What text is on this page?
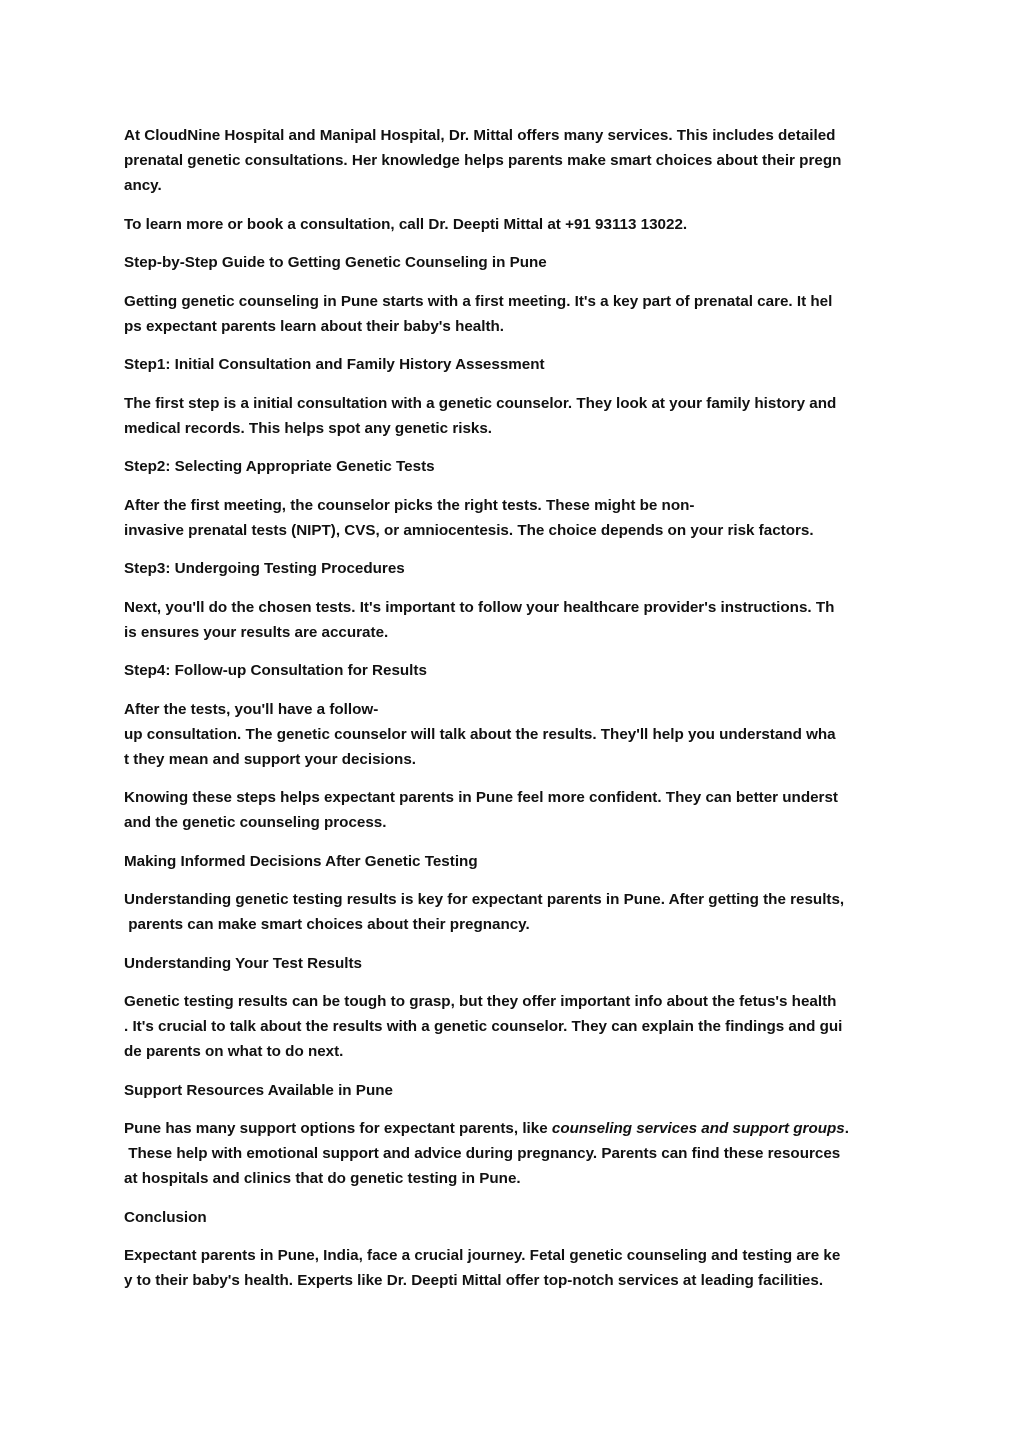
At CloudNine Hospital and Manipal Hospital, Dr. Mittal offers many services. This includes detailed
prenatal genetic consultations. Her knowledge helps parents make smart choices about their pregn
ancy.
To learn more or book a consultation, call Dr. Deepti Mittal at +91 93113 13022.
Step-by-Step Guide to Getting Genetic Counseling in Pune
Getting genetic counseling in Pune starts with a first meeting. It's a key part of prenatal care. It hel
ps expectant parents learn about their baby's health.
Step1: Initial Consultation and Family History Assessment
The first step is a initial consultation with a genetic counselor. They look at your family history and
medical records. This helps spot any genetic risks.
Step2: Selecting Appropriate Genetic Tests
After the first meeting, the counselor picks the right tests. These might be non-
invasive prenatal tests (NIPT), CVS, or amniocentesis. The choice depends on your risk factors.
Step3: Undergoing Testing Procedures
Next, you'll do the chosen tests. It's important to follow your healthcare provider's instructions. Th
is ensures your results are accurate.
Step4: Follow-up Consultation for Results
After the tests, you'll have a follow-
up consultation. The genetic counselor will talk about the results. They'll help you understand wha
t they mean and support your decisions.
Knowing these steps helps expectant parents in Pune feel more confident. They can better underst
and the genetic counseling process.
Making Informed Decisions After Genetic Testing
Understanding genetic testing results is key for expectant parents in Pune. After getting the results,
parents can make smart choices about their pregnancy.
Understanding Your Test Results
Genetic testing results can be tough to grasp, but they offer important info about the fetus's health
. It's crucial to talk about the results with a genetic counselor. They can explain the findings and gui
de parents on what to do next.
Support Resources Available in Pune
Pune has many support options for expectant parents, like counseling services and support groups.
These help with emotional support and advice during pregnancy. Parents can find these resources
at hospitals and clinics that do genetic testing in Pune.
Conclusion
Expectant parents in Pune, India, face a crucial journey. Fetal genetic counseling and testing are ke
y to their baby's health. Experts like Dr. Deepti Mittal offer top-notch services at leading facilities.
